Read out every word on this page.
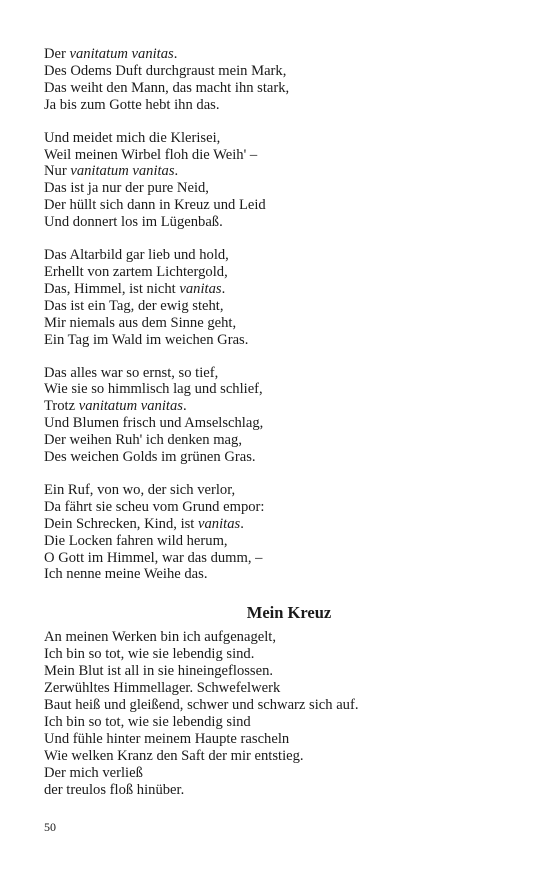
Der vanitatum vanitas.
Des Odems Duft durchgraust mein Mark,
Das weiht den Mann, das macht ihn stark,
Ja bis zum Gotte hebt ihn das.
Und meidet mich die Klerisei,
Weil meinen Wirbel floh die Weih' –
Nur vanitatum vanitas.
Das ist ja nur der pure Neid,
Der hüllt sich dann in Kreuz und Leid
Und donnert los im Lügenbaß.
Das Altarbild gar lieb und hold,
Erhellt von zartem Lichtergold,
Das, Himmel, ist nicht vanitas.
Das ist ein Tag, der ewig steht,
Mir niemals aus dem Sinne geht,
Ein Tag im Wald im weichen Gras.
Das alles war so ernst, so tief,
Wie sie so himmlisch lag und schlief,
Trotz vanitatum vanitas.
Und Blumen frisch und Amselschlag,
Der weihen Ruh' ich denken mag,
Des weichen Golds im grünen Gras.
Ein Ruf, von wo, der sich verlor,
Da fährt sie scheu vom Grund empor:
Dein Schrecken, Kind, ist vanitas.
Die Locken fahren wild herum,
O Gott im Himmel, war das dumm, –
Ich nenne meine Weihe das.
Mein Kreuz
An meinen Werken bin ich aufgenagelt,
Ich bin so tot, wie sie lebendig sind.
Mein Blut ist all in sie hineingeflossen.
Zerwühltes Himmellager. Schwefelwerk
Baut heiß und gleißend, schwer und schwarz sich auf.
Ich bin so tot, wie sie lebendig sind
Und fühle hinter meinem Haupte rascheln
Wie welken Kranz den Saft der mir entstieg.
Der mich verließ
der treulos floß hinüber.
50
